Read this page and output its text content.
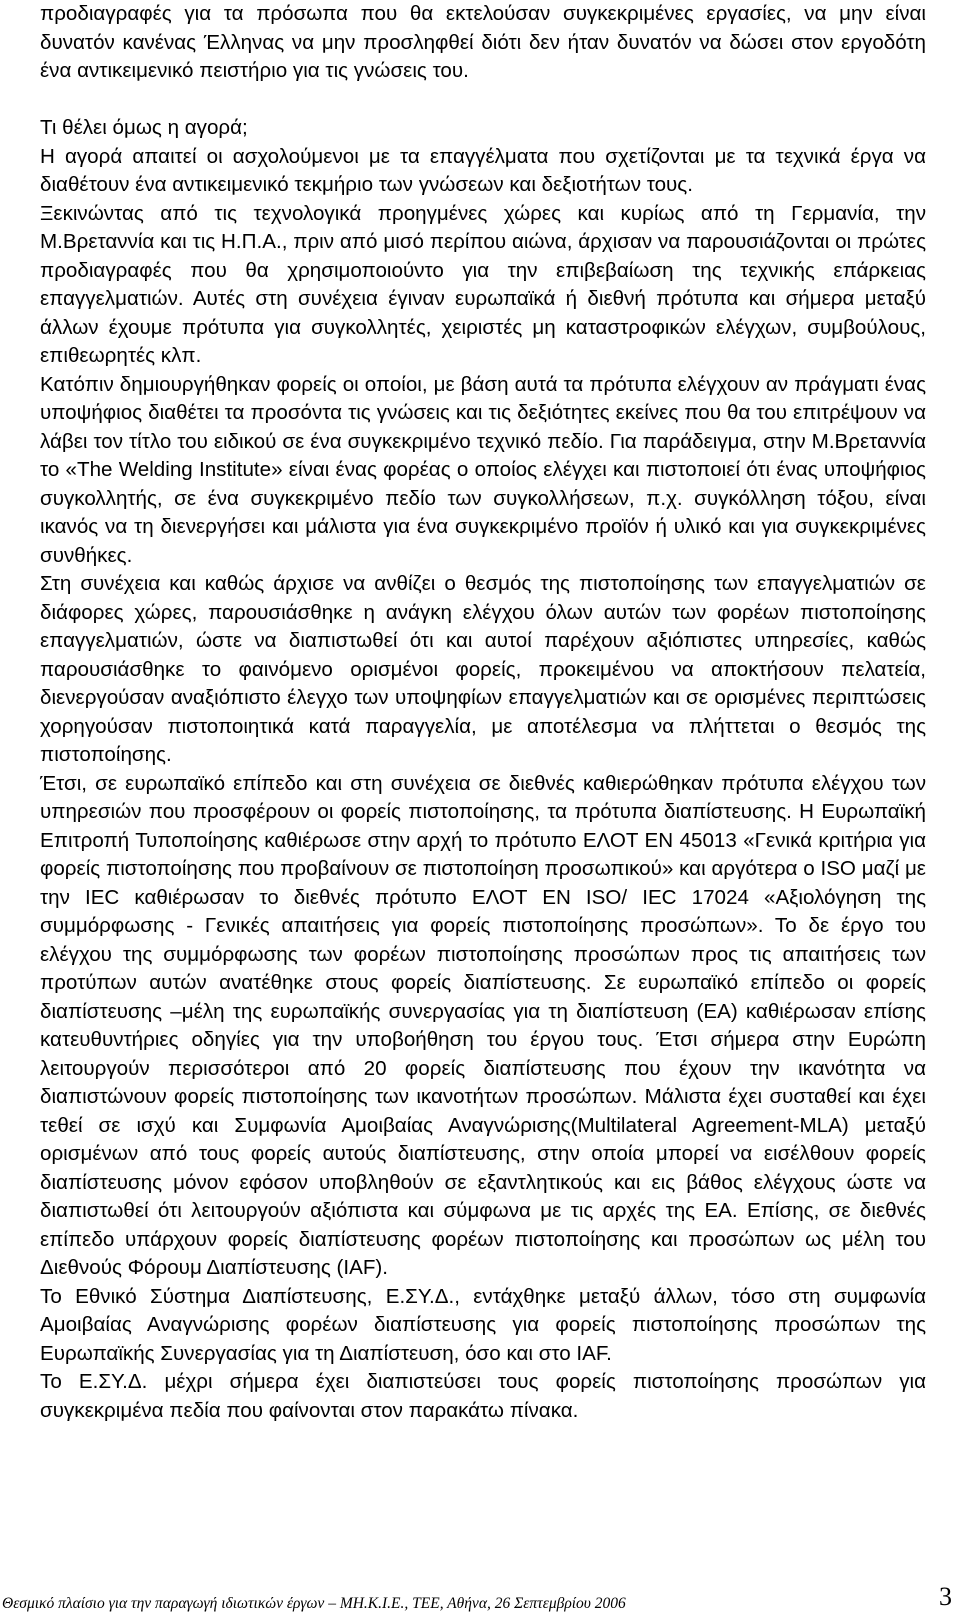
προδιαγραφές για τα πρόσωπα που θα εκτελούσαν συγκεκριμένες εργασίες, να μην είναι δυνατόν κανένας Έλληνας να μην προσληφθεί διότι δεν ήταν δυνατόν να δώσει στον εργοδότη ένα αντικειμενικό πειστήριο για τις γνώσεις του.

Τι θέλει όμως η αγορά;

Η αγορά απαιτεί οι ασχολούμενοι με τα επαγγέλματα που σχετίζονται με τα τεχνικά έργα να διαθέτουν ένα αντικειμενικό τεκμήριο των γνώσεων και δεξιοτήτων τους.

Ξεκινώντας από τις τεχνολογικά προηγμένες χώρες και κυρίως από τη Γερμανία, την Μ.Βρεταννία και τις Η.Π.Α., πριν από μισό περίπου αιώνα, άρχισαν να παρουσιάζονται οι πρώτες προδιαγραφές που θα χρησιμοποιούντο για την επιβεβαίωση της τεχνικής επάρκειας επαγγελματιών. Αυτές στη συνέχεια έγιναν ευρωπαϊκά ή διεθνή πρότυπα και σήμερα μεταξύ άλλων έχουμε πρότυπα για συγκολλητές, χειριστές μη καταστροφικών ελέγχων, συμβούλους, επιθεωρητές κλπ.

Κατόπιν δημιουργήθηκαν φορείς οι οποίοι, με βάση αυτά τα πρότυπα ελέγχουν αν πράγματι ένας υποψήφιος διαθέτει τα προσόντα τις γνώσεις και τις δεξιότητες εκείνες που θα του επιτρέψουν να λάβει τον τίτλο του ειδικού σε ένα συγκεκριμένο τεχνικό πεδίο. Για παράδειγμα, στην Μ.Βρεταννία το «The Welding Institute» είναι ένας φορέας ο οποίος ελέγχει και πιστοποιεί ότι ένας υποψήφιος συγκολλητής, σε ένα συγκεκριμένο πεδίο των συγκολλήσεων, π.χ. συγκόλληση τόξου, είναι ικανός να τη διενεργήσει και μάλιστα για ένα συγκεκριμένο προϊόν ή υλικό και για συγκεκριμένες συνθήκες.

Στη συνέχεια και καθώς άρχισε να ανθίζει ο θεσμός της πιστοποίησης των επαγγελματιών σε διάφορες χώρες, παρουσιάσθηκε η ανάγκη ελέγχου όλων αυτών των φορέων πιστοποίησης επαγγελματιών, ώστε να διαπιστωθεί ότι και αυτοί παρέχουν αξιόπιστες υπηρεσίες, καθώς παρουσιάσθηκε το φαινόμενο ορισμένοι φορείς, προκειμένου να αποκτήσουν πελατεία, διενεργούσαν αναξιόπιστο έλεγχο των υποψηφίων επαγγελματιών και σε ορισμένες περιπτώσεις χορηγούσαν πιστοποιητικά κατά παραγγελία, με αποτέλεσμα να πλήττεται ο θεσμός της πιστοποίησης.

Έτσι, σε ευρωπαϊκό επίπεδο και στη συνέχεια σε διεθνές καθιερώθηκαν πρότυπα ελέγχου των υπηρεσιών που προσφέρουν οι φορείς πιστοποίησης, τα πρότυπα διαπίστευσης. Η Ευρωπαϊκή Επιτροπή Τυποποίησης καθιέρωσε στην αρχή το πρότυπο ΕΛΟΤ ΕΝ 45013 «Γενικά κριτήρια για φορείς πιστοποίησης που προβαίνουν σε πιστοποίηση προσωπικού» και αργότερα ο ISO μαζί με την IEC καθιέρωσαν το διεθνές πρότυπο ΕΛΟΤ ΕΝ ISO/ IEC 17024 «Αξιολόγηση της συμμόρφωσης - Γενικές απαιτήσεις για φορείς πιστοποίησης προσώπων». Το δε έργο του ελέγχου της συμμόρφωσης των φορέων πιστοποίησης προσώπων προς τις απαιτήσεις των προτύπων αυτών ανατέθηκε στους φορείς διαπίστευσης. Σε ευρωπαϊκό επίπεδο οι φορείς διαπίστευσης –μέλη της ευρωπαϊκής συνεργασίας για τη διαπίστευση (ΕΑ) καθιέρωσαν επίσης κατευθυντήριες οδηγίες για την υποβοήθηση του έργου τους. Έτσι σήμερα στην Ευρώπη λειτουργούν περισσότεροι από 20 φορείς διαπίστευσης που έχουν την ικανότητα να διαπιστώνουν φορείς πιστοποίησης των ικανοτήτων προσώπων. Μάλιστα έχει συσταθεί και έχει τεθεί σε ισχύ και Συμφωνία Αμοιβαίας Αναγνώρισης(Multilateral Agreement-MLA) μεταξύ ορισμένων από τους φορείς αυτούς διαπίστευσης, στην οποία μπορεί να εισέλθουν φορείς διαπίστευσης μόνον εφόσον υποβληθούν σε εξαντλητικούς και εις βάθος ελέγχους ώστε να διαπιστωθεί ότι λειτουργούν αξιόπιστα και σύμφωνα με τις αρχές της ΕΑ. Επίσης, σε διεθνές επίπεδο υπάρχουν φορείς διαπίστευσης φορέων πιστοποίησης και προσώπων ως μέλη του Διεθνούς Φόρουμ Διαπίστευσης (IAF).

Το Εθνικό Σύστημα Διαπίστευσης, Ε.ΣΥ.Δ., εντάχθηκε μεταξύ άλλων, τόσο στη συμφωνία Αμοιβαίας Αναγνώρισης φορέων διαπίστευσης για φορείς πιστοποίησης προσώπων της Ευρωπαϊκής Συνεργασίας για τη Διαπίστευση, όσο και στο IAF.

Το Ε.ΣΥ.Δ. μέχρι σήμερα έχει διαπιστεύσει τους φορείς πιστοποίησης προσώπων για συγκεκριμένα πεδία που φαίνονται στον παρακάτω πίνακα.

Θεσμικό πλαίσιο για την παραγωγή ιδιωτικών έργων – ΜΗ.Κ.Ι.Ε., ΤΕΕ, Αθήνα, 26 Σεπτεμβρίου 2006	3
